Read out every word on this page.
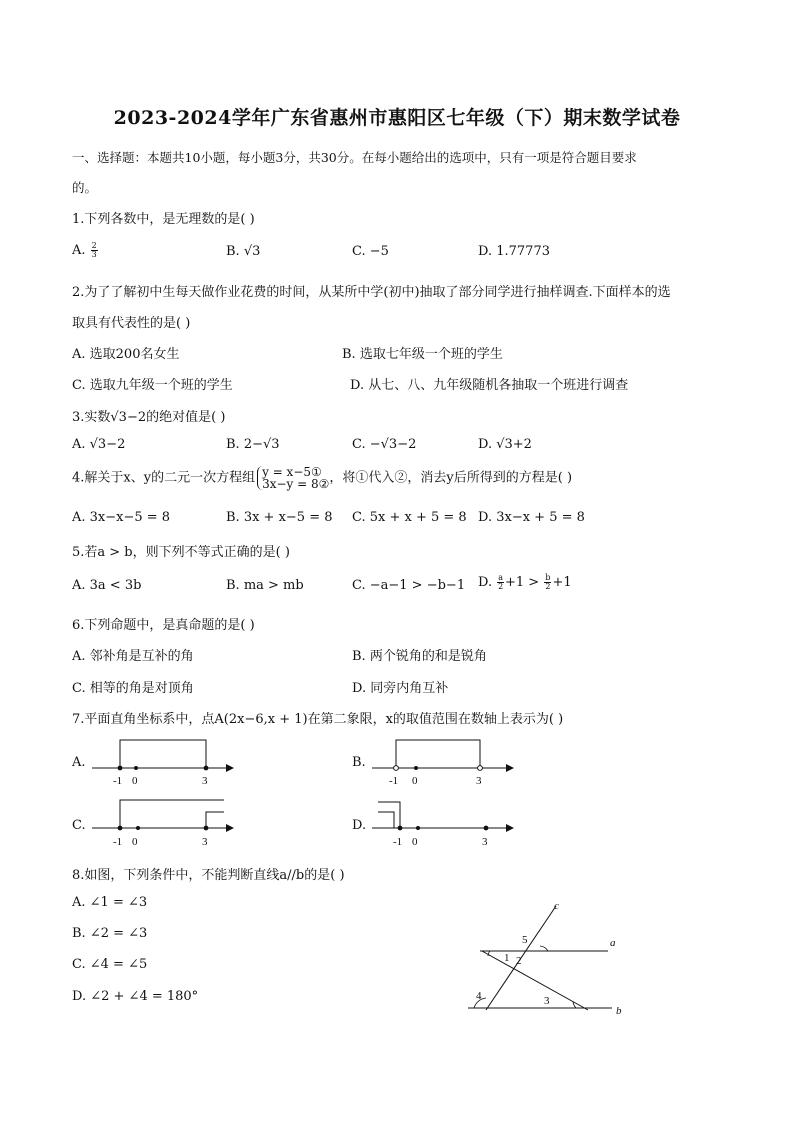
2023-2024学年广东省惠州市惠阳区七年级（下）期末数学试卷
一、选择题：本题共10小题，每小题3分，共30分。在每小题给出的选项中，只有一项是符合题目要求
的。
1.下列各数中，是无理数的是( )
A. $\frac{2}{3}$	B. √3	C. −5	D. 1.77773
2.为了了解初中生每天做作业花费的时间，从某所中学(初中)抽取了部分同学进行抽样调查.下面样本的选
取具有代表性的是( )
A. 选取200名女生	B. 选取七年级一个班的学生
C. 选取九年级一个班的学生	D. 从七、八、九年级随机各抽取一个班进行调查
3.实数√3−2的绝对值是( )
A. √3−2	B. 2−√3	C. −√3−2	D. √3+2
4.解关于x、y的二元一次方程组 y = x−5①
3x−y = 8② ，将①代入②，消去y后所得到的方程是( )
A. 3x−x−5 = 8	B. 3x + x−5 = 8 C. 5x + x + 5 = 8 D. 3x−x + 5 = 8
5.若a > b，则下列不等式正确的是( )
A. 3a < 3b	B. ma > mb	C. −a−1 > −b−1 D. $\frac{a}{2} +1 > \frac{b}{2} +1$
6.下列命题中，是真命题的是( )
A. 邻补角是互补的角	B. 两个锐角的和是锐角
C. 相等的角是对顶角	D. 同旁内角互补
7.平面直角坐标系中，点A(2x−6,x + 1)在第二象限，x的取值范围在数轴上表示为( )
A.
-1 0	3
B.
-1 0	3
C.
-1 0	3
D.
-1 0	3
8.如图，下列条件中，不能判断直线a//b的是( )
A. ∠1 = ∠3
B. ∠2 = ∠3
C. ∠4 = ∠5
D. ∠2 + ∠4 = 180°
c
a
b
1 2
5
3
4
